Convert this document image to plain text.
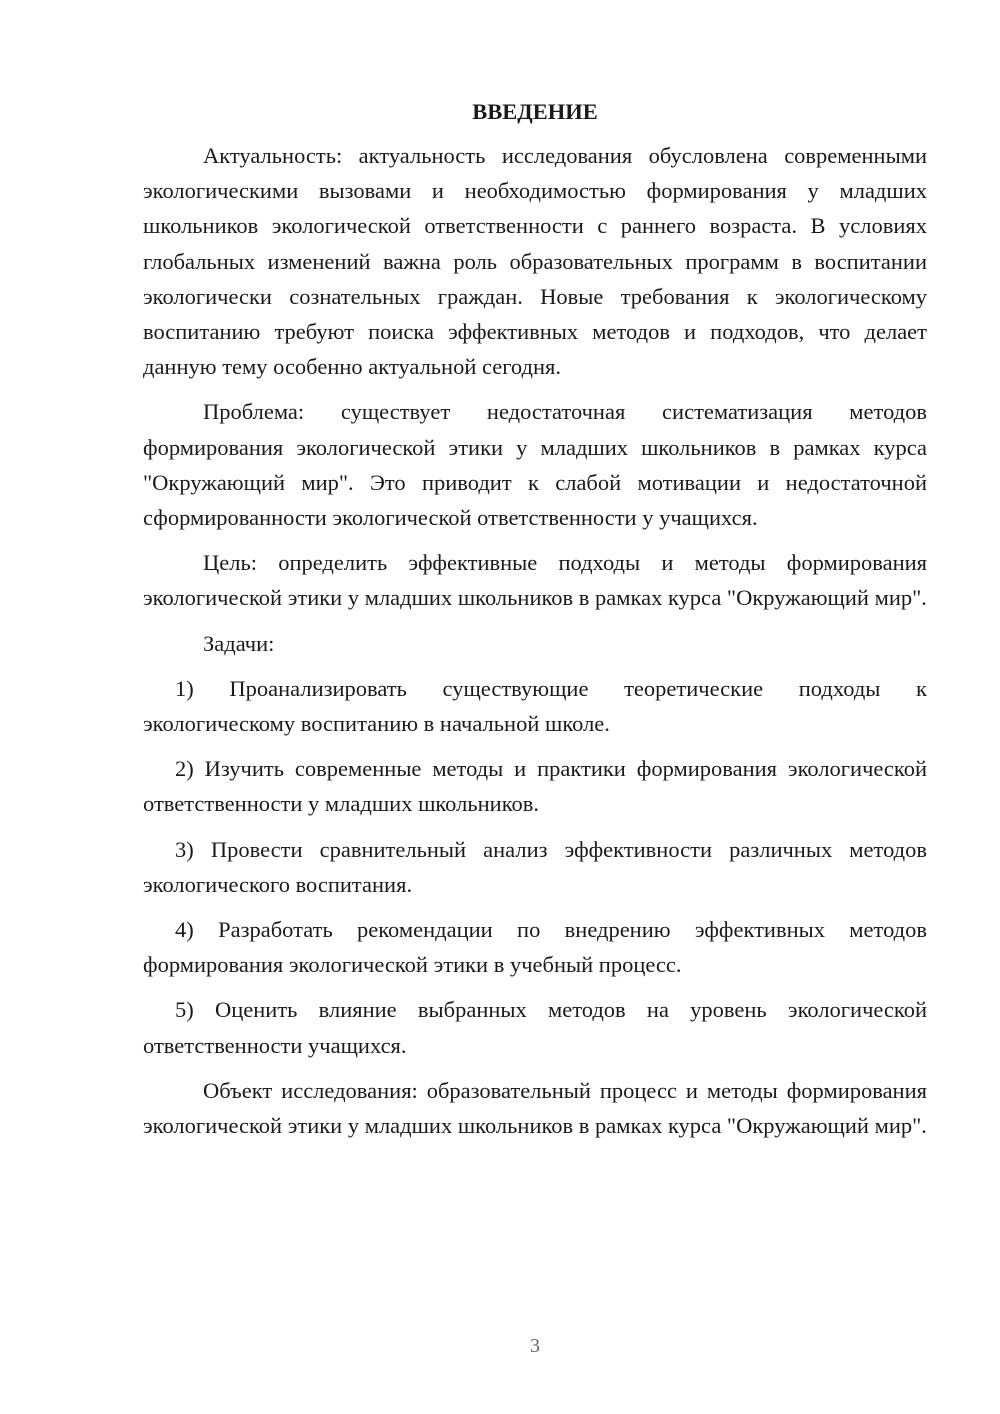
ВВЕДЕНИЕ

Актуальность: актуальность исследования обусловлена современными экологическими вызовами и необходимостью формирования у младших школьников экологической ответственности с раннего возраста. В условиях глобальных изменений важна роль образовательных программ в воспитании экологически сознательных граждан. Новые требования к экологическому воспитанию требуют поиска эффективных методов и подходов, что делает данную тему особенно актуальной сегодня.

Проблема: существует недостаточная систематизация методов формирования экологической этики у младших школьников в рамках курса "Окружающий мир". Это приводит к слабой мотивации и недостаточной сформированности экологической ответственности у учащихся.

Цель: определить эффективные подходы и методы формирования экологической этики у младших школьников в рамках курса "Окружающий мир".

Задачи:

1) Проанализировать существующие теоретические подходы к экологическому воспитанию в начальной школе.

2) Изучить современные методы и практики формирования экологической ответственности у младших школьников.

3) Провести сравнительный анализ эффективности различных методов экологического воспитания.

4) Разработать рекомендации по внедрению эффективных методов формирования экологической этики в учебный процесс.

5) Оценить влияние выбранных методов на уровень экологической ответственности учащихся.

Объект исследования: образовательный процесс и методы формирования экологической этики у младших школьников в рамках курса "Окружающий мир".

3
